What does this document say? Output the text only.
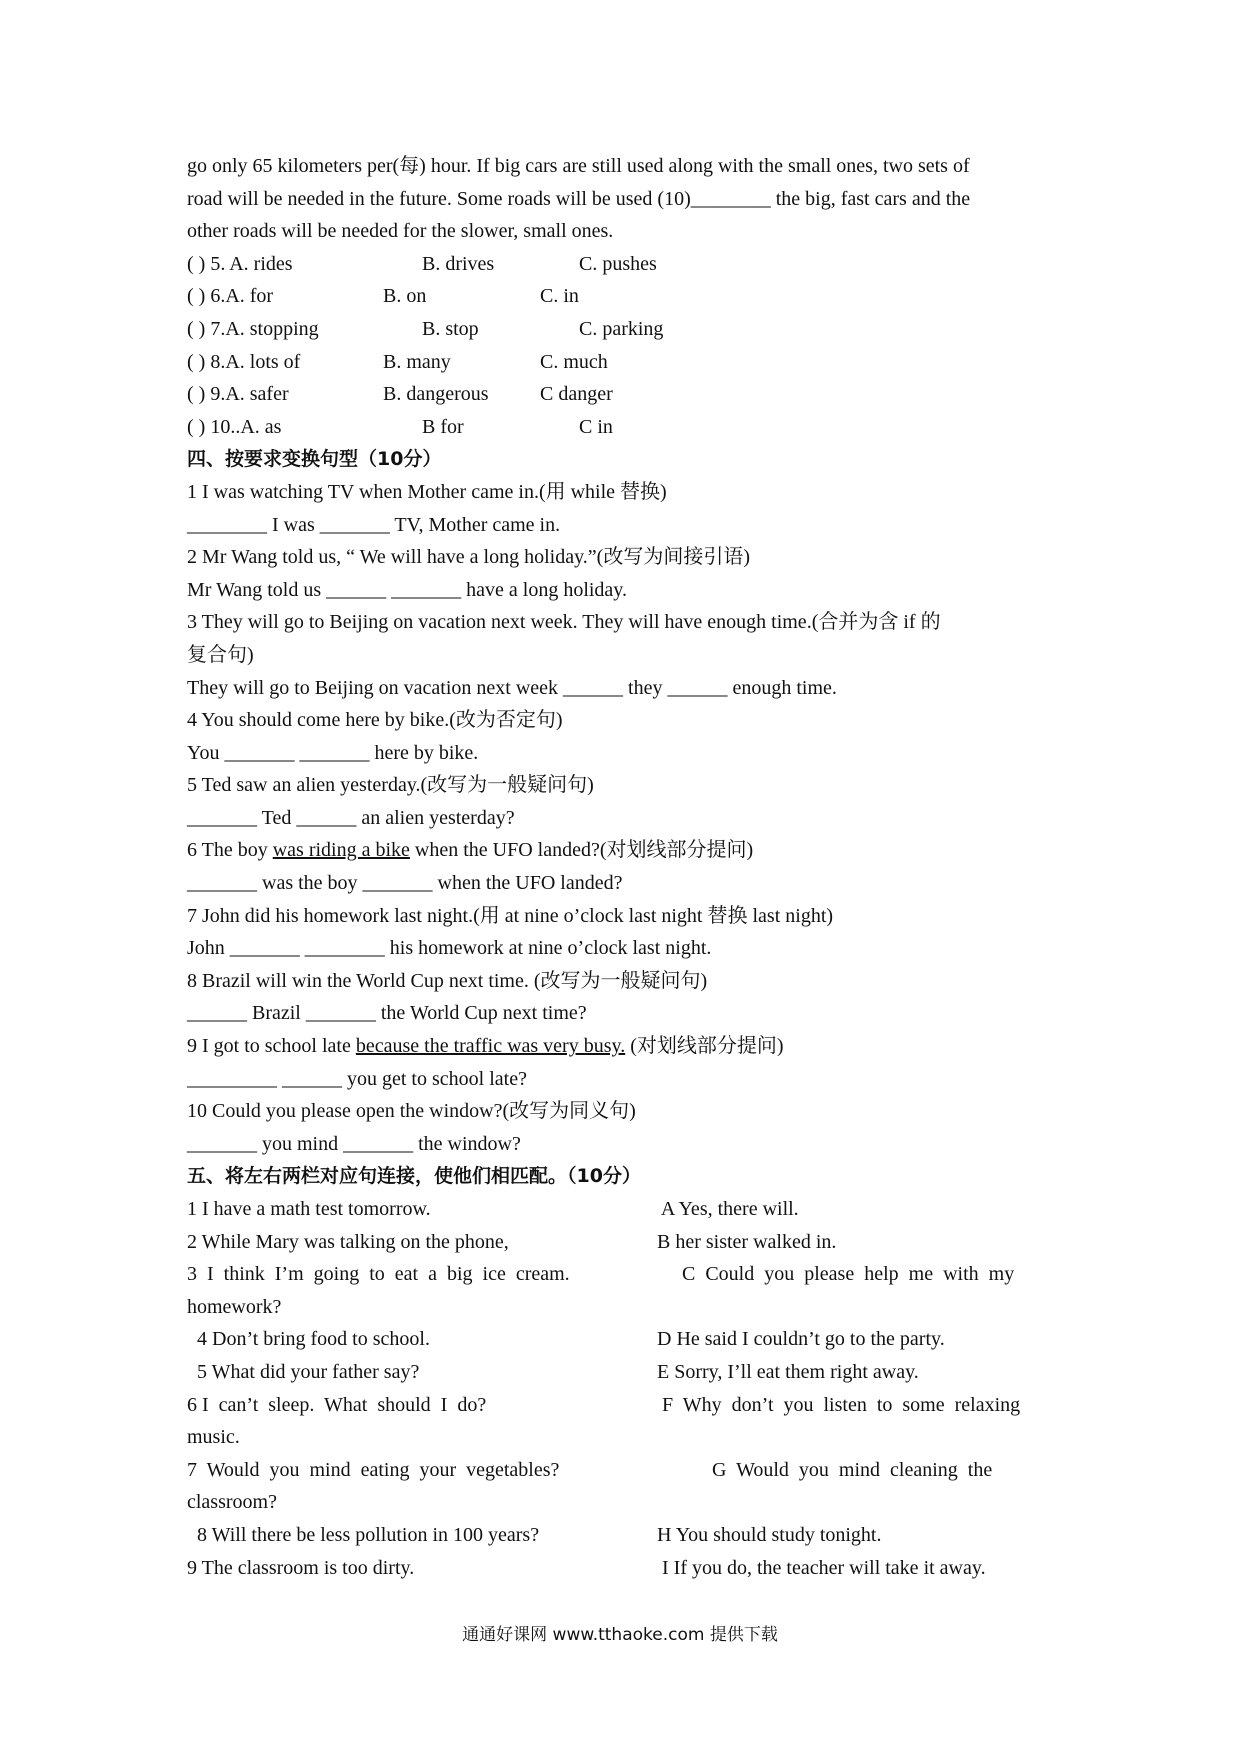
go only 65 kilometers per(每) hour. If big cars are still used along with the small ones, two sets of
road will be needed in the future. Some roads will be used (10)________ the big, fast cars and the
other roads will be needed for the slower, small ones.
( ) 5. A. rides	B. drives	C. pushes
( ) 6.A. for	B. on	C. in
( ) 7.A. stopping	B. stop	C. parking
( ) 8.A. lots of	B. many	C. much
( ) 9.A. safer	B. dangerous	C danger
( ) 10..A. as	B for	C in
四、按要求变换句型（10分）
1 I was watching TV when Mother came in.(用 while 替换)
________ I was _______ TV, Mother came in.
2 Mr Wang told us, “ We will have a long holiday.”(改写为间接引语)
Mr Wang told us ______ _______ have a long holiday.
3 They will go to Beijing on vacation next week. They will have enough time.(合并为含 if 的
复合句)
They will go to Beijing on vacation next week ______ they ______ enough time.
4 You should come here by bike.(改为否定句)
You _______ _______ here by bike.
5 Ted saw an alien yesterday.(改写为一般疑问句)
_______ Ted ______ an alien yesterday?
6 The boy was riding a bike when the UFO landed?(对划线部分提问)
_______ was the boy _______ when the UFO landed?
7 John did his homework last night.(用 at nine o’clock last night 替换 last night)
John _______ ________ his homework at nine o’clock last night.
8 Brazil will win the World Cup next time. (改写为一般疑问句)
______ Brazil _______ the World Cup next time?
9 I got to school late because the traffic was very busy. (对划线部分提问)
_________ ______ you get to school late?
10 Could you please open the window?(改写为同义句)
_______ you mind _______ the window?
五、将左右两栏对应句连接，使他们相匹配。（10分）
1 I have a math test tomorrow.	A Yes, there will.
2 While Mary was talking on the phone,	B her sister walked in.
3  I  think  I’m  going  to  eat  a  big  ice  cream.	C  Could  you  please  help  me  with  my
homework?
4 Don’t bring food to school.	D He said I couldn’t go to the party.
5 What did your father say?	E Sorry, I’ll eat them right away.
6 I  can’t  sleep.  What  should  I  do?	F  Why  don’t  you  listen  to  some  relaxing
music.
7  Would  you  mind  eating  your  vegetables?	G  Would  you  mind  cleaning  the
classroom?
8 Will there be less pollution in 100 years?	H You should study tonight.
9 The classroom is too dirty.	I If you do, the teacher will take it away.
通通好课网 www.tthaoke.com 提供下载
